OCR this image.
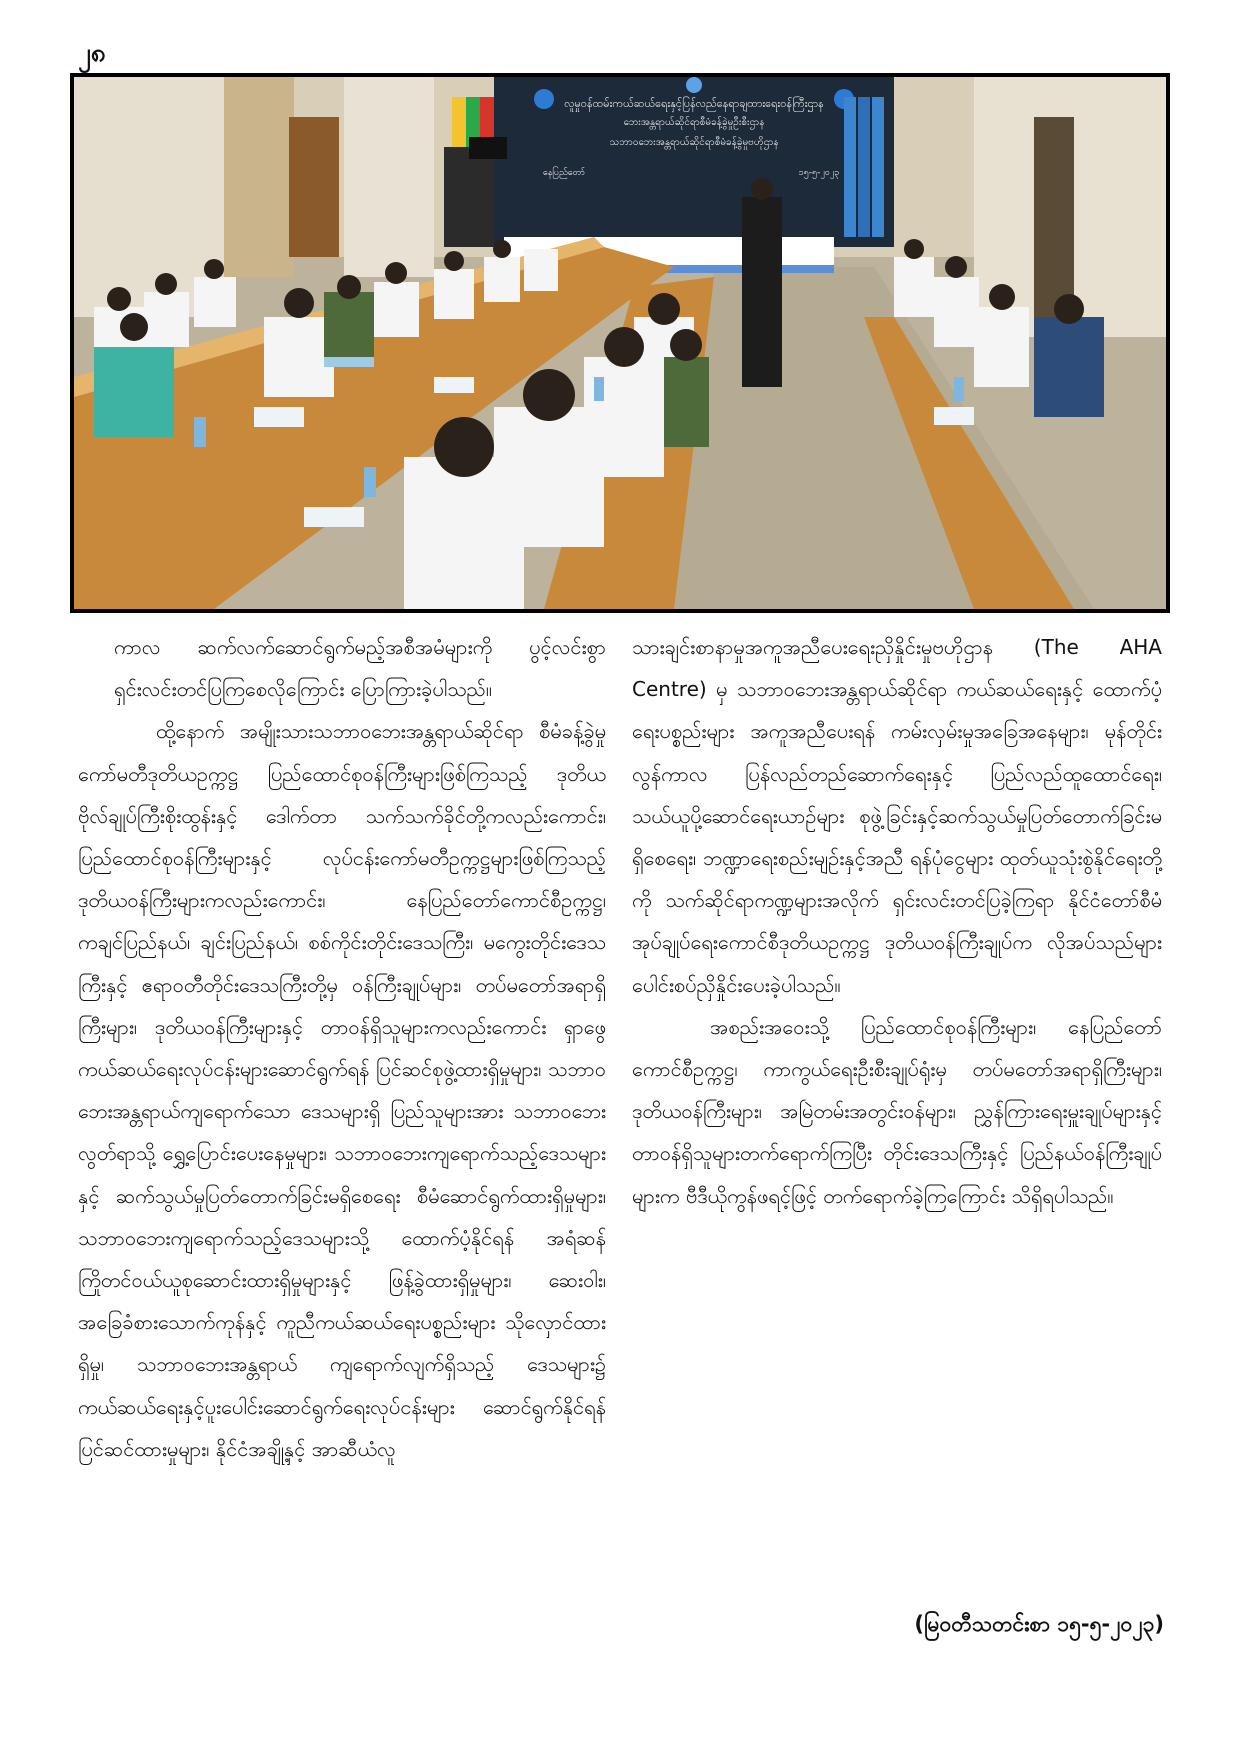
၂၈
လူမှုဝန်ထမ်းကယ်ဆယ်ရေးနှင့်ပြန်လည်နေရာချထားရေးဝန်ကြီးဌာန
ဘေးအန္တရာယ်ဆိုင်ရာစီမံခန့်ခွဲမှုဦးစီးဌာန
သဘာဝဘေးအန္တရာယ်ဆိုင်ရာစီမံခန့်ခွဲမှုဗဟိုဌာန
နေပြည်တော်	၁၅-၅-၂၀၂၃

ကာလ ဆက်လက်ဆောင်ရွက်မည့်အစီအမံများကို ပွင့်လင်းစွာ ရှင်းလင်းတင်ပြကြစေလိုကြောင်း ပြောကြားခဲ့ပါသည်။

ထို့နောက် အမျိုးသားသဘာဝဘေးအန္တရာယ်ဆိုင်ရာ စီမံခန့်ခွဲမှုကော်မတီဒုတိယဥက္ကဋ္ဌ ပြည်ထောင်စုဝန်ကြီးများဖြစ်ကြသည့် ဒုတိယဗိုလ်ချုပ်ကြီးစိုးထွန်းနှင့် ဒေါက်တာ သက်သက်ခိုင်တို့ကလည်းကောင်း၊ ပြည်ထောင်စုဝန်ကြီးများနှင့် လုပ်ငန်းကော်မတီဥက္ကဋ္ဌများဖြစ်ကြသည့် ဒုတိယဝန်ကြီးများကလည်းကောင်း၊ နေပြည်တော်ကောင်စီဥက္ကဋ္ဌ၊ ကချင်ပြည်နယ်၊ ချင်းပြည်နယ်၊ စစ်ကိုင်းတိုင်းဒေသကြီး၊ မကွေးတိုင်းဒေသကြီးနှင့် ဧရာဝတီတိုင်းဒေသကြီးတို့မှ ဝန်ကြီးချုပ်များ၊ တပ်မတော်အရာရှိကြီးများ၊ ဒုတိယဝန်ကြီးများနှင့် တာဝန်ရှိသူများကလည်းကောင်း ရှာဖွေကယ်ဆယ်ရေးလုပ်ငန်းများဆောင်ရွက်ရန် ပြင်ဆင်စုဖွဲ့ထားရှိမှုများ၊ သဘာဝဘေးအန္တရာယ်ကျရောက်သော ဒေသများရှိ ပြည်သူများအား သဘာဝဘေးလွတ်ရာသို့ ရွှေ့ပြောင်းပေးနေမှုများ၊ သဘာဝဘေးကျရောက်သည့်ဒေသများနှင့် ဆက်သွယ်မှုပြတ်တောက်ခြင်းမရှိစေရေး စီမံဆောင်ရွက်ထားရှိမှုများ၊ သဘာဝဘေးကျရောက်သည့်ဒေသများသို့ ထောက်ပံ့နိုင်ရန် အရံဆန် ကြိုတင်ဝယ်ယူစုဆောင်းထားရှိမှုများနှင့် ဖြန့်ခွဲထားရှိမှုများ၊ ဆေးဝါး၊ အခြေခံစားသောက်ကုန်နှင့် ကူညီကယ်ဆယ်ရေးပစ္စည်းများ သိုလှောင်ထားရှိမှု၊ သဘာဝဘေးအန္တရာယ် ကျရောက်လျက်ရှိသည့် ဒေသများ၌ ကယ်ဆယ်ရေးနှင့်ပူးပေါင်းဆောင်ရွက်ရေးလုပ်ငန်းများ ဆောင်ရွက်နိုင်ရန် ပြင်ဆင်ထားမှုများ၊ နိုင်ငံအချို့နှင့် အာဆီယံလူ

သားချင်းစာနာမှုအကူအညီပေးရေးညှိနှိုင်းမှုဗဟိုဌာန (The AHA Centre) မှ သဘာဝဘေးအန္တရာယ်ဆိုင်ရာ ကယ်ဆယ်ရေးနှင့် ထောက်ပံ့ရေးပစ္စည်းများ အကူအညီပေးရန် ကမ်းလှမ်းမှုအခြေအနေများ၊ မုန်တိုင်းလွန်ကာလ ပြန်လည်တည်ဆောက်ရေးနှင့် ပြည်လည်ထူထောင်ရေး၊ သယ်ယူပို့ဆောင်ရေးယာဉ်များ စုဖွဲ့ခြင်းနှင့်ဆက်သွယ်မှုပြတ်တောက်ခြင်းမရှိစေရေး၊ ဘဏ္ဍာရေးစည်းမျဉ်းနှင့်အညီ ရန်ပုံငွေများ ထုတ်ယူသုံးစွဲနိုင်ရေးတို့ကို သက်ဆိုင်ရာကဏ္ဍများအလိုက် ရှင်းလင်းတင်ပြခဲ့ကြရာ နိုင်ငံတော်စီမံအုပ်ချုပ်ရေးကောင်စီဒုတိယဥက္ကဋ္ဌ ဒုတိယဝန်ကြီးချုပ်က လိုအပ်သည်များ ပေါင်းစပ်ညှိနှိုင်းပေးခဲ့ပါသည်။

အစည်းအဝေးသို့ ပြည်ထောင်စုဝန်ကြီးများ၊ နေပြည်တော်ကောင်စီဥက္ကဋ္ဌ၊ ကာကွယ်ရေးဦးစီးချုပ်ရုံးမှ တပ်မတော်အရာရှိကြီးများ၊ ဒုတိယဝန်ကြီးများ၊ အမြဲတမ်းအတွင်းဝန်များ၊ ညွှန်ကြားရေးမှူးချုပ်များနှင့် တာဝန်ရှိသူများတက်ရောက်ကြပြီး တိုင်းဒေသကြီးနှင့် ပြည်နယ်ဝန်ကြီးချုပ်များက ဗီဒီယိုကွန်ဖရင့်ဖြင့် တက်ရောက်ခဲ့ကြကြောင်း သိရှိရပါသည်။

(မြဝတီသတင်းစာ ၁၅-၅-၂၀၂၃)
